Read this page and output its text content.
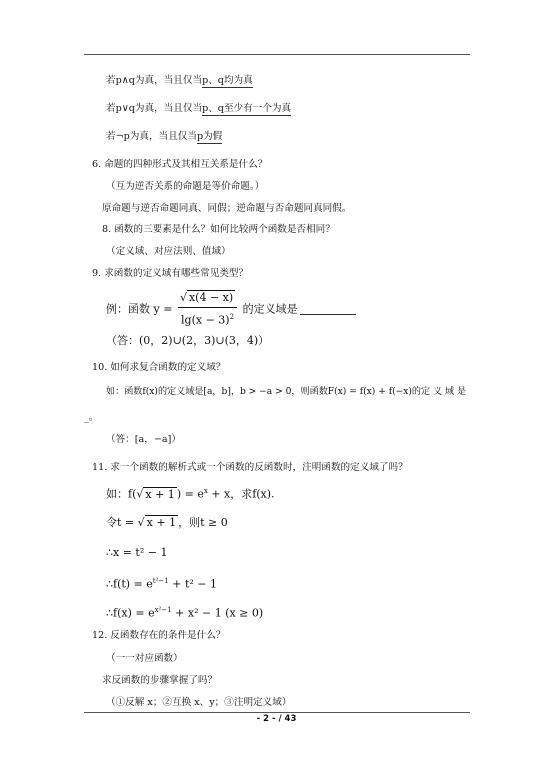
若p∧q为真，当且仅当p、q均为真
若p∨q为真，当且仅当p、q至少有一个为真
若¬p为真，当且仅当p为假
6. 命题的四种形式及其相互关系是什么？
（互为逆否关系的命题是等价命题。）
原命题与逆否命题同真、同假；逆命题与否命题同真同假。
8. 函数的三要素是什么？如何比较两个函数是否相同？
（定义域、对应法则、值域）
9. 求函数的定义域有哪些常见类型？
例：函数 $y = \frac{√ x(4 - x)}{\lg(x - 3)^2}$ 的定义域是
（答：(0，2)∪(2，3)∪(3，4)）
10. 如何求复合函数的定义域？
如：函数f(x)的定义域是[a，b]，b > −a > 0，则函数F(x) = f(x) + f(−x)的定 义 域 是
_。
（答：[a，−a]）
11. 求一个函数的解析式或一个函数的反函数时，注明函数的定义域了吗？
如：f(√ x + 1 ) = $e^x + x$，求f(x).
令t = √ x + 1 ，则t ≥ 0
∴x = t² − 1
∴f(t) = $e^{t^2-1} + t^2 - 1$
∴f(x) = $e^{x^2-1} + x^2 - 1$ (x ≥ 0)
12. 反函数存在的条件是什么？
（一一对应函数）
求反函数的步骤掌握了吗？
（①反解 x；②互换 x、y；③注明定义域）
- 2 - / 43
